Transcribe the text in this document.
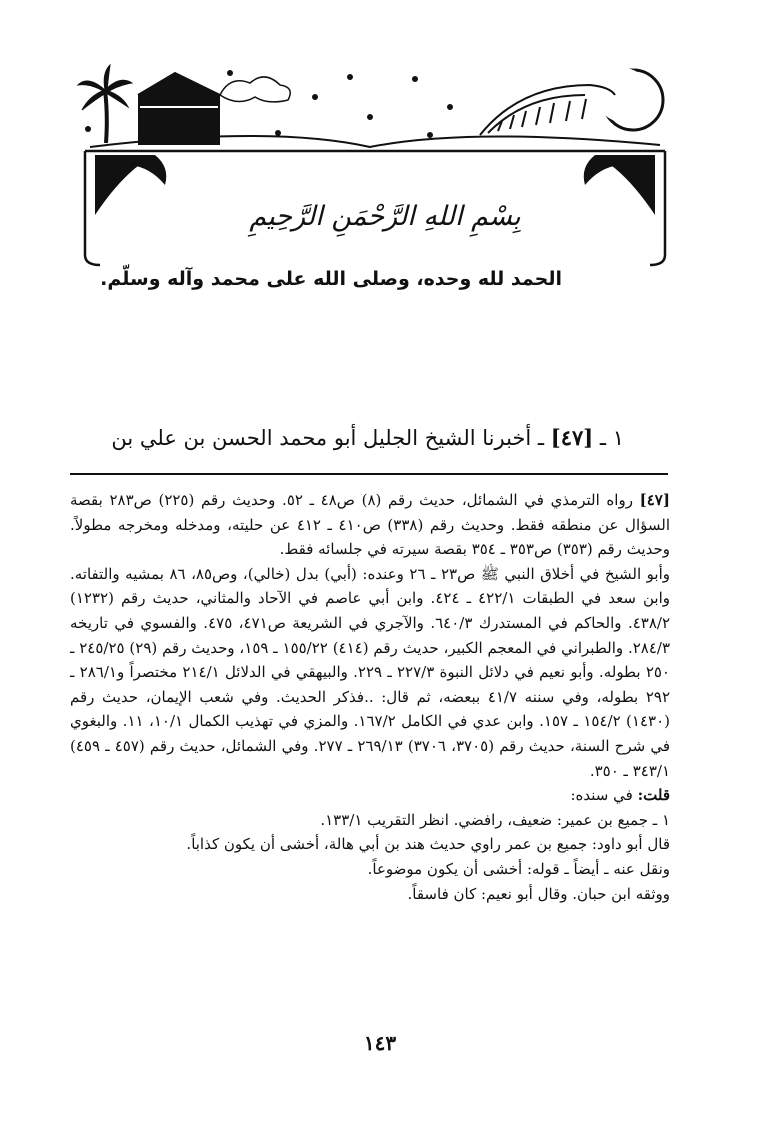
بِسْمِ اللهِ الرَّحْمَنِ الرَّحِيمِ
الحمد لله وحده، وصلى الله على محمد وآله وسلّم.
١ ـ [٤٧] ـ أخبرنا الشيخ الجليل أبو محمد الحسن بن علي بن

[٤٧] رواه الترمذي في الشمائل، حديث رقم (٨) ص٤٨ ـ ٥٢. وحديث رقم (٢٢٥) ص٢٨٣ بقصة السؤال عن منطقه فقط. وحديث رقم (٣٣٨) ص٤١٠ ـ ٤١٢ عن حليته، ومدخله ومخرجه مطولاً. وحديث رقم (٣٥٣) ص٣٥٣ ـ ٣٥٤ بقصة سيرته في جلسائه فقط.

وأبو الشيخ في أخلاق النبي ﷺ ص٢٣ ـ ٢٦ وعنده: (أبي) بدل (خالي)، وص٨٥، ٨٦ بمشيه والتفاته. وابن سعد في الطبقات ٤٢٢/١ ـ ٤٢٤. وابن أبي عاصم في الآحاد والمثاني، حديث رقم (١٢٣٢) ٤٣٨/٢. والحاكم في المستدرك ٦٤٠/٣. والآجري في الشريعة ص٤٧١، ٤٧٥. والفسوي في تاريخه ٢٨٤/٣. والطبراني في المعجم الكبير، حديث رقم (٤١٤) ١٥٥/٢٢ ـ ١٥٩، وحديث رقم (٢٩) ٢٤٥/٢٥ ـ ٢٥٠ بطوله. وأبو نعيم في دلائل النبوة ٢٢٧/٣ ـ ٢٢٩. والبيهقي في الدلائل ٢١٤/١ مختصراً و٢٨٦/١ ـ ٢٩٢ بطوله، وفي سننه ٤١/٧ ببعضه، ثم قال: ..فذكر الحديث. وفي شعب الإيمان، حديث رقم (١٤٣٠) ١٥٤/٢ ـ ١٥٧. وابن عدي في الكامل ١٦٧/٢. والمزي في تهذيب الكمال ١٠/١، ١١. والبغوي في شرح السنة، حديث رقم (٣٧٠٥، ٣٧٠٦) ٢٦٩/١٣ ـ ٢٧٧. وفي الشمائل، حديث رقم (٤٥٧ ـ ٤٥٩) ٣٤٣/١ ـ ٣٥٠.

قلت: في سنده:

١ ـ جميع بن عمير: ضعيف، رافضي. انظر التقريب ١٣٣/١.

قال أبو داود: جميع بن عمر راوي حديث هند بن أبي هالة، أخشى أن يكون كذاباً.

ونقل عنه ـ أيضاً ـ قوله: أخشى أن يكون موضوعاً.

ووثقه ابن حبان. وقال أبو نعيم: كان فاسقاً.

١٤٣
